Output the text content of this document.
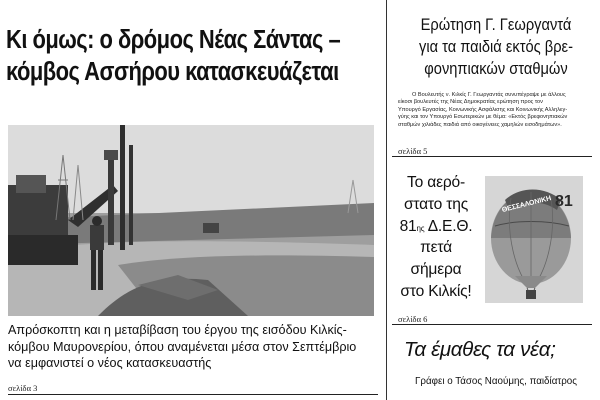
Κι όμως: ο δρόμος Νέας Σάντας –
κόμβος Ασσήρου κατασκευάζεται
Απρόσκοπτη και η μεταβίβαση του έργου της εισόδου Κιλκίς-
κόμβου Μαυρονερίου, όπου αναμένεται μέσα στον Σεπτέμβριο
να εμφανιστεί ο νέος κατασκευαστής
σελίδα 3
Ερώτηση Γ. Γεωργαντά
για τα παιδιά εκτός βρε-
φονηπιακών σταθμών
Ο Βουλευτής ν. Κιλκίς Γ. Γεωργαντάς συνυπέγραψε με άλλους
είκοσι βουλευτές της Νέας Δημοκρατίας ερώτηση προς τον
Υπουργό Εργασίας, Κοινωνικής Ασφάλισης και Κοινωνικής Αλληλεγ-
γύης και τον Υπουργό Εσωτερικών με θέμα: «Εκτός βρεφονηπιακών
σταθμών χιλιάδες παιδιά από οικογένειες χαμηλών εισοδημάτων».
σελίδα 5
Το αερό-
στατο της
$81^{\eta\varsigma}$ Δ.Ε.Θ.
πετά
σήμερα
στο Κιλκίς!
ΘΕΣΣΑΛΟΝΙΚΗ 81
σελίδα 6
Τα έμαθες τα νέα;
Γράφει ο Τάσος Ναούμης, παιδίατρος
